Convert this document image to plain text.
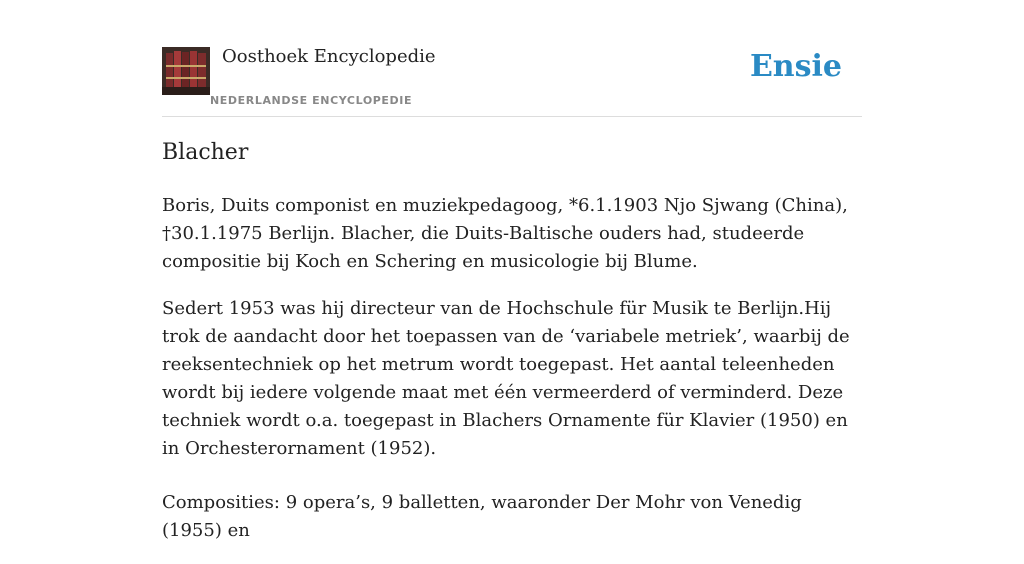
Oosthoek Encyclopedie
NEDERLANDSE ENCYCLOPEDIE
Ensie
Blacher

Boris, Duits componist en muziekpedagoog, *6.1.1903 Njo Sjwang (China), †30.1.1975 Berlijn. Blacher, die Duits-Baltische ouders had, studeerde compositie bij Koch en Schering en musicologie bij Blume.

Sedert 1953 was hij directeur van de Hochschule für Musik te Berlijn.Hij trok de aandacht door het toepassen van de ‘variabele metriek’, waarbij de reeksentechniek op het metrum wordt toegepast. Het aantal teleenheden wordt bij iedere volgende maat met één vermeerderd of verminderd. Deze techniek wordt o.a. toegepast in Blachers Ornamente für Klavier (1950) en in Orchesterornament (1952).

Composities: 9 opera’s, 9 balletten, waaronder Der Mohr von Venedig (1955) en
